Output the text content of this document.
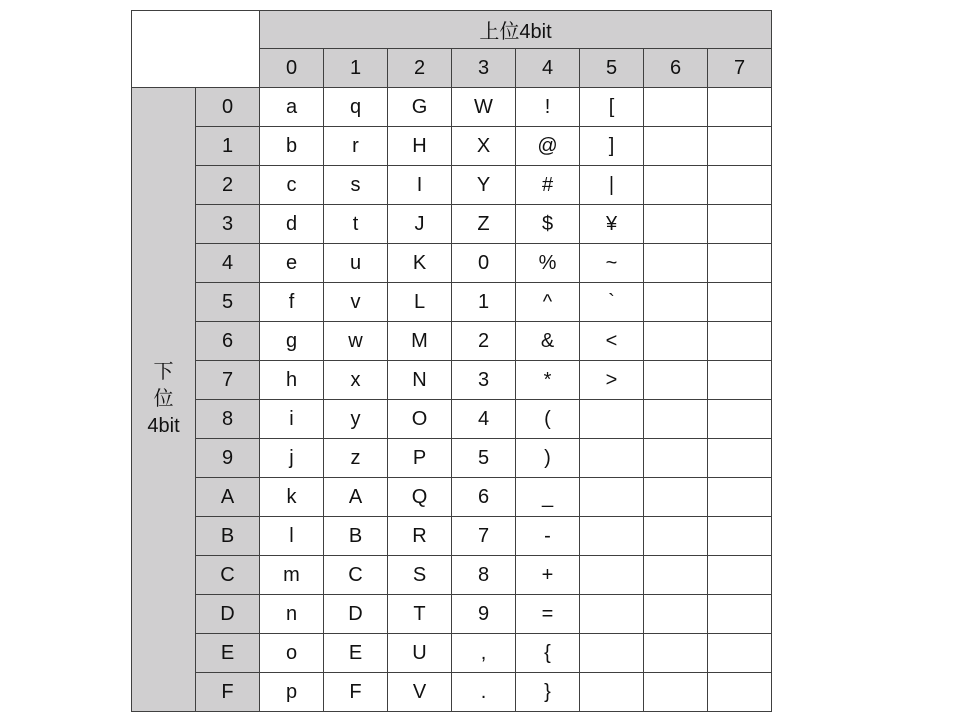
		上位4bit							
		0	1	2	3	4	5	6	7

下
位
4bit	0	a	q	G	W	!	[		
	1	b	r	H	X	@	]		
	2	c	s	I	Y	#	|		
	3	d	t	J	Z	$	¥		
	4	e	u	K	0	%	~		
	5	f	v	L	1	^	`		
	6	g	w	M	2	&	<		
	7	h	x	N	3	*	>		
	8	i	y	O	4	(			
	9	j	z	P	5	)			
	A	k	A	Q	6	_			
	B	l	B	R	7	-			
	C	m	C	S	8	+			
	D	n	D	T	9	=			
	E	o	E	U	,	{			
	F	p	F	V	.	}			
